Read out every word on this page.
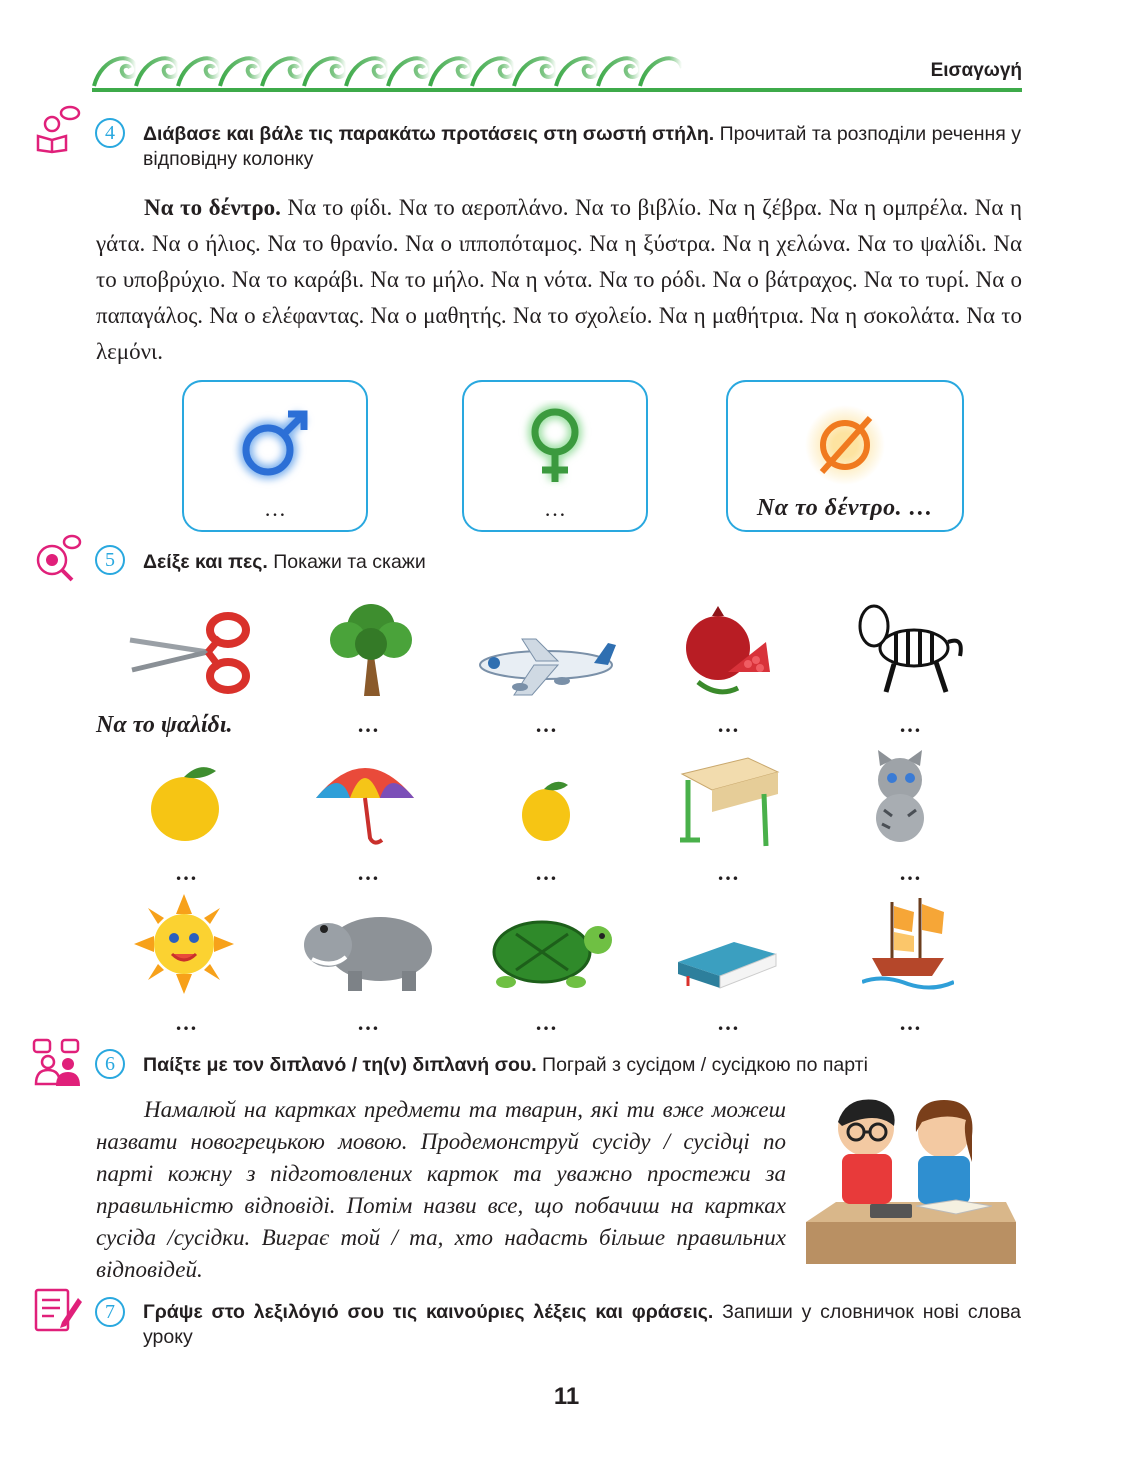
Εισαγωγή
4	Διάβασε και βάλε τις παρακάτω προτάσεις στη σωστή στήλη. Прочитай та розподіли речення у відповідну колонку
Να το δέντρο. Να το φίδι. Να το αεροπλάνο. Να το βιβλίο. Να η ζέβρα. Να η ομπρέλα. Να η γάτα. Να ο ήλιος. Να το θρανίο. Να ο ιπποπόταμος. Να η ξύστρα. Να η χελώνα. Να το ψαλίδι. Να το υποβρύχιο. Να το καράβι. Να το μήλο. Να η νότα. Να το ρόδι. Να ο βάτραχος. Να το τυρί. Να ο παπαγάλος. Να ο ελέφαντας. Να ο μαθητής. Να το σχολείο. Να η μαθήτρια. Να η σοκολάτα. Να το λεμόνι.
…	…	Να το δέντρο. …
5	Δείξε και πες. Покажи та скажи
Να το ψαλίδι.	…	…	…	…
…	…	…	…	…
…	…	…	…	…
6	Παίξτε με τον διπλανό / τη(ν) διπλανή σου. Пограй з сусідом / сусідкою по парті
Намалюй на картках предмети та тварин, які ти вже можеш назвати новогрецькою мовою. Продемонструй сусіду / сусідці по парті кожну з підготовлених карток та уважно простежи за правильністю відповіді. Потім назви все, що побачиш на картках сусіда /сусідки. Виграє той / та, хто надасть більше правильних відповідей.
7	Γράψε στο λεξιλόγιό σου τις καινούριες λέξεις και φράσεις. Запиши у словничок нові слова уроку
11
